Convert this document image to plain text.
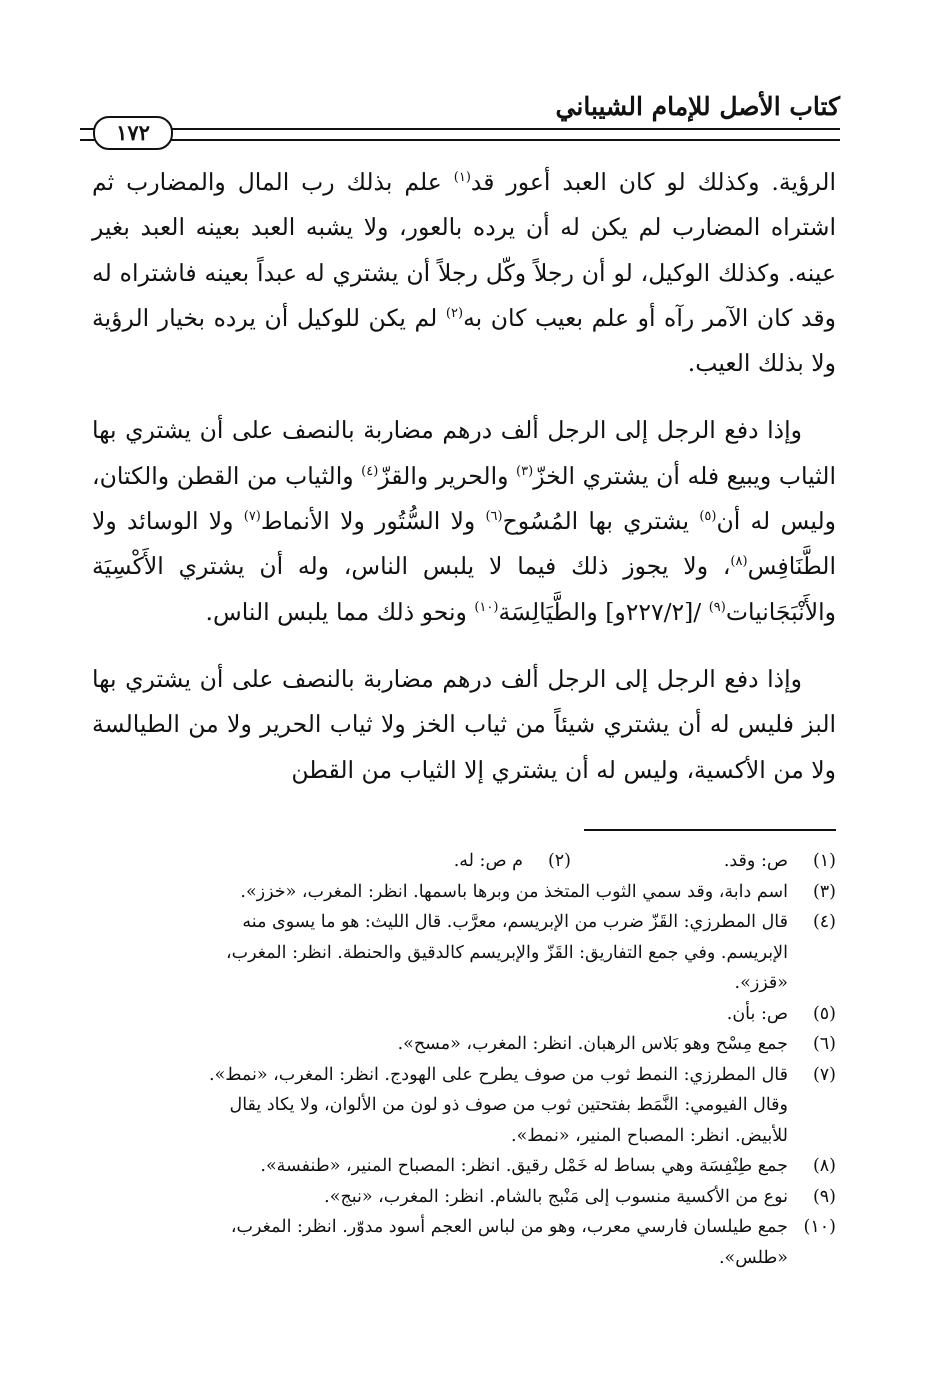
كتاب الأصل للإمام الشيباني
١٧٢

الرؤية. وكذلك لو كان العبد أعور قد$^{(١)}$ علم بذلك رب المال والمضارب ثم اشتراه المضارب لم يكن له أن يرده بالعور، ولا يشبه العبد بعينه العبد بغير عينه. وكذلك الوكيل، لو أن رجلاً وكّل رجلاً أن يشتري له عبداً بعينه فاشتراه له وقد كان الآمر رآه أو علم بعيب كان به$^{(٢)}$ لم يكن للوكيل أن يرده بخيار الرؤية ولا بذلك العيب.

وإذا دفع الرجل إلى الرجل ألف درهم مضاربة بالنصف على أن يشتري بها الثياب ويبيع فله أن يشتري الخزّ$^{(٣)}$ والحرير والقزّ$^{(٤)}$ والثياب من القطن والكتان، وليس له أن$^{(٥)}$ يشتري بها المُسُوح$^{(٦)}$ ولا السُّتُور ولا الأنماط$^{(٧)}$ ولا الوسائد ولا الطَّنَافِس$^{(٨)}$، ولا يجوز ذلك فيما لا يلبس الناس، وله أن يشتري الأَكْسِيَة والأَنْبَجَانيات$^{(٩)}$ /[٢٢٧/٢و] والطَّيَالِسَة$^{(١٠)}$ ونحو ذلك مما يلبس الناس.

وإذا دفع الرجل إلى الرجل ألف درهم مضاربة بالنصف على أن يشتري بها البز فليس له أن يشتري شيئاً من ثياب الخز ولا ثياب الحرير ولا من الطيالسة ولا من الأكسية، وليس له أن يشتري إلا الثياب من القطن

(١)
ص: وقد.
(٢)
م ص: له.
(٣)
اسم دابة، وقد سمي الثوب المتخذ من وبرها باسمها. انظر: المغرب، «خزز».
(٤)
قال المطرزي: القَزّ ضرب من الإبريسم، معرَّب. قال الليث: هو ما يسوى منه
الإبريسم. وفي جمع التفاريق: القَزّ والإبريسم كالدقيق والحنطة. انظر: المغرب،
«قزز».
(٥)
ص: بأن.
(٦)
جمع مِسْح وهو بَلاس الرهبان. انظر: المغرب، «مسح».
(٧)
قال المطرزي: النمط ثوب من صوف يطرح على الهودج. انظر: المغرب، «نمط».
وقال الفيومي: النَّمَط بفتحتين ثوب من صوف ذو لون من الألوان، ولا يكاد يقال
للأبيض. انظر: المصباح المنير، «نمط».
(٨)
جمع طِنْفِسَة وهي بساط له خَمْل رقيق. انظر: المصباح المنير، «طنفسة».
(٩)
نوع من الأكسية منسوب إلى مَنْبج بالشام. انظر: المغرب، «نبج».
(١٠)
جمع طيلسان فارسي معرب، وهو من لباس العجم أسود مدوّر. انظر: المغرب،
«طلس».
